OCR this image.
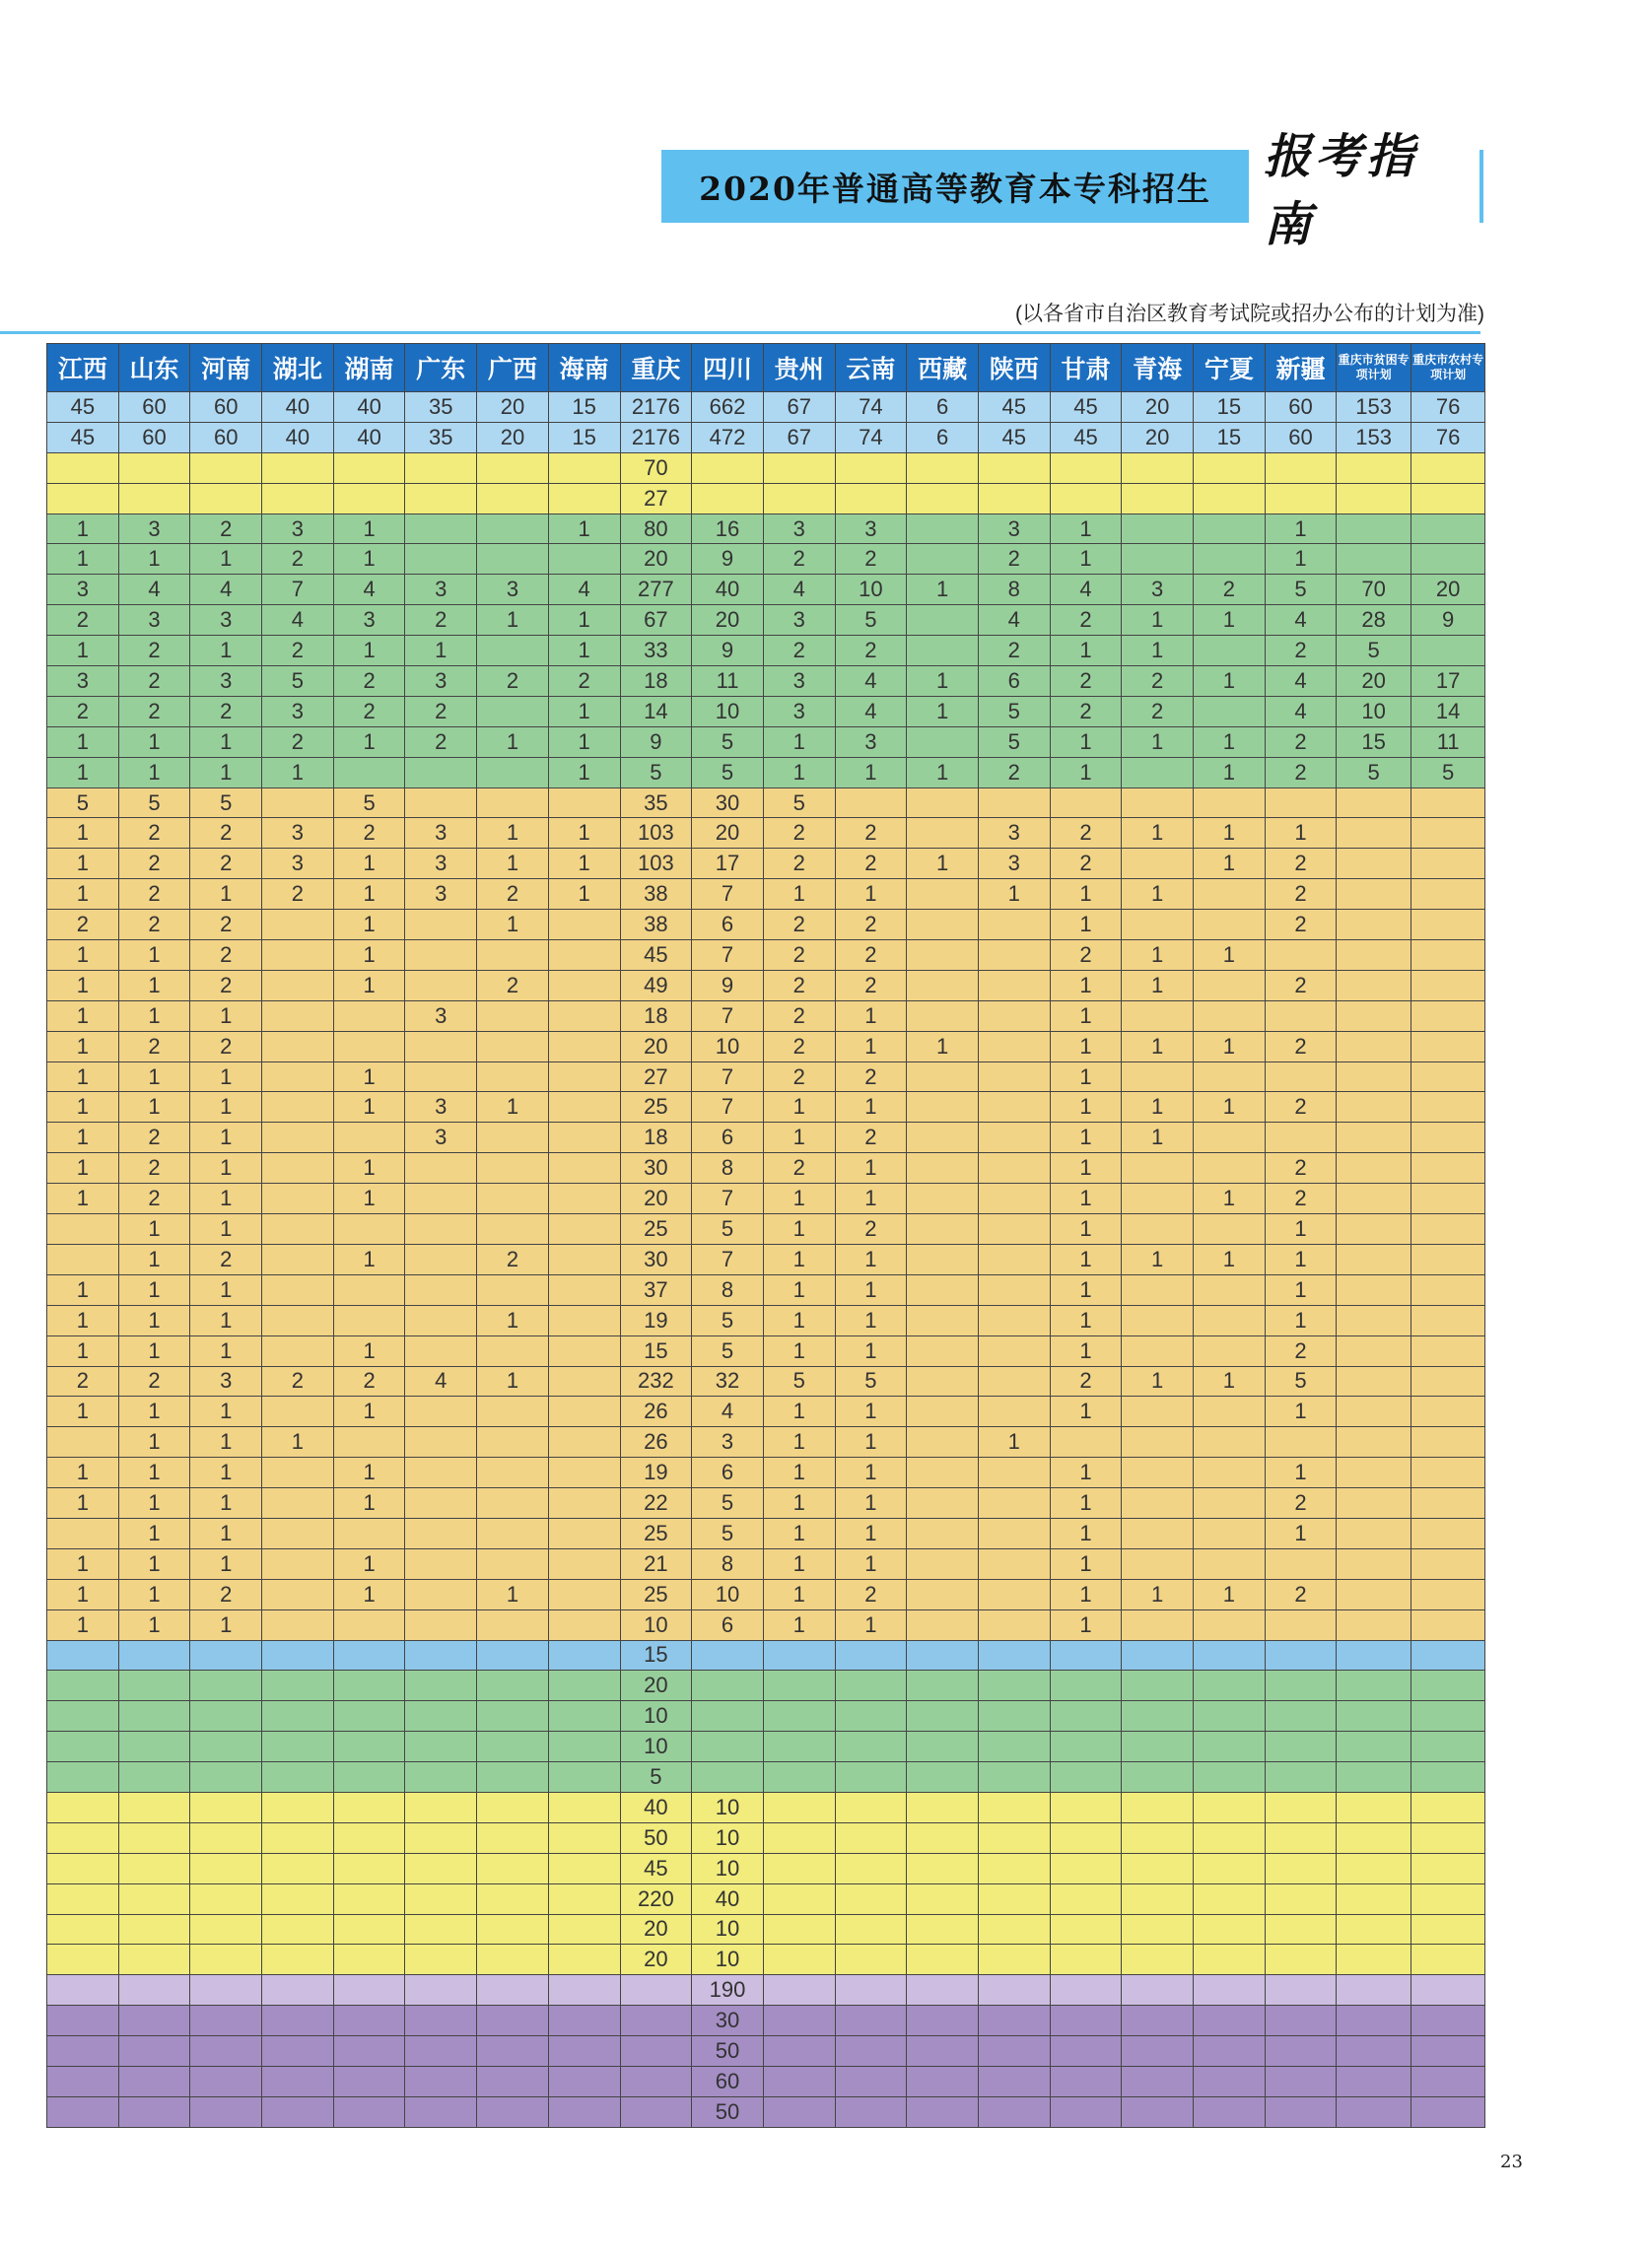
2020年普通高等教育本专科招生
报考指南
(以各省市自治区教育考试院或招办公布的计划为准)
江西	山东	河南	湖北	湖南	广东	广西	海南	重庆	四川	贵州	云南	西藏	陕西	甘肃	青海	宁夏	新疆	重庆市贫困专项计划	重庆市农村专项计划
45	60	60	40	40	35	20	15	2176	662	67	74	6	45	45	20	15	60	153	76
45	60	60	40	40	35	20	15	2176	472	67	74	6	45	45	20	15	60	153	76
								70											
								27											
1	3	2	3	1			1	80	16	3	3		3	1			1		
1	1	1	2	1				20	9	2	2		2	1			1		
3	4	4	7	4	3	3	4	277	40	4	10	1	8	4	3	2	5	70	20
2	3	3	4	3	2	1	1	67	20	3	5		4	2	1	1	4	28	9
1	2	1	2	1	1		1	33	9	2	2		2	1	1		2	5	
3	2	3	5	2	3	2	2	18	11	3	4	1	6	2	2	1	4	20	17
2	2	2	3	2	2		1	14	10	3	4	1	5	2	2		4	10	14
1	1	1	2	1	2	1	1	9	5	1	3		5	1	1	1	2	15	11
1	1	1	1				1	5	5	1	1	1	2	1		1	2	5	5
5	5	5		5				35	30	5									
1	2	2	3	2	3	1	1	103	20	2	2		3	2	1	1	1		
1	2	2	3	1	3	1	1	103	17	2	2	1	3	2		1	2		
1	2	1	2	1	3	2	1	38	7	1	1		1	1	1		2		
2	2	2		1		1		38	6	2	2			1			2		
1	1	2		1				45	7	2	2			2	1	1			
1	1	2		1		2		49	9	2	2			1	1		2		
1	1	1			3			18	7	2	1			1					
1	2	2						20	10	2	1	1		1	1	1	2		
1	1	1		1				27	7	2	2			1					
1	1	1		1	3	1		25	7	1	1			1	1	1	2		
1	2	1			3			18	6	1	2			1	1				
1	2	1		1				30	8	2	1			1			2		
1	2	1		1				20	7	1	1			1		1	2		
	1	1						25	5	1	2			1			1		
	1	2		1		2		30	7	1	1			1	1	1	1		
1	1	1						37	8	1	1			1			1		
1	1	1				1		19	5	1	1			1			1		
1	1	1		1				15	5	1	1			1			2		
2	2	3	2	2	4	1		232	32	5	5			2	1	1	5		
1	1	1		1				26	4	1	1			1			1		
	1	1	1					26	3	1	1		1						
1	1	1		1				19	6	1	1			1			1		
1	1	1		1				22	5	1	1			1			2		
	1	1						25	5	1	1			1			1		
1	1	1		1				21	8	1	1			1					
1	1	2		1		1		25	10	1	2			1	1	1	2		
1	1	1						10	6	1	1			1					
								15											
								20											
								10											
								10											
								5											
								40	10										
								50	10										
								45	10										
								220	40										
								20	10										
								20	10										
									190										
									30										
									50										
									60										
									50										
23
